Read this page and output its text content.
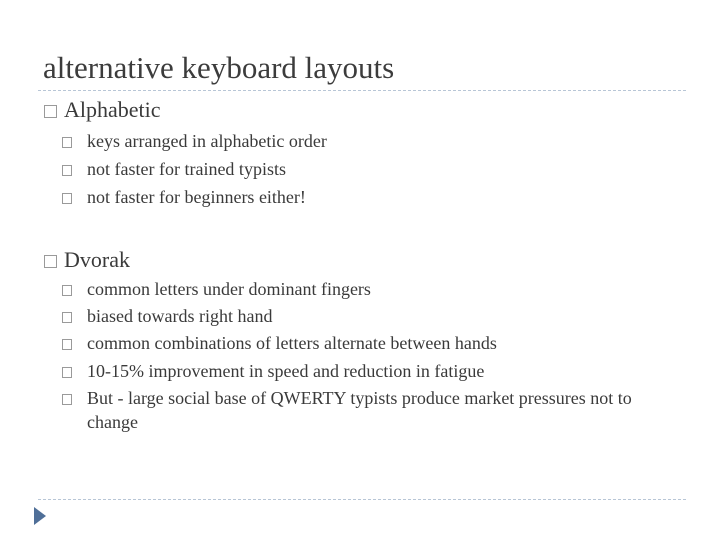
alternative keyboard layouts
Alphabetic
keys arranged in alphabetic order
not faster for trained typists
not faster for beginners either!
Dvorak
common letters under dominant fingers
biased towards right hand
common combinations of letters alternate between hands
10-15% improvement in speed and reduction in fatigue
But - large social base of QWERTY typists produce market pressures not to change
